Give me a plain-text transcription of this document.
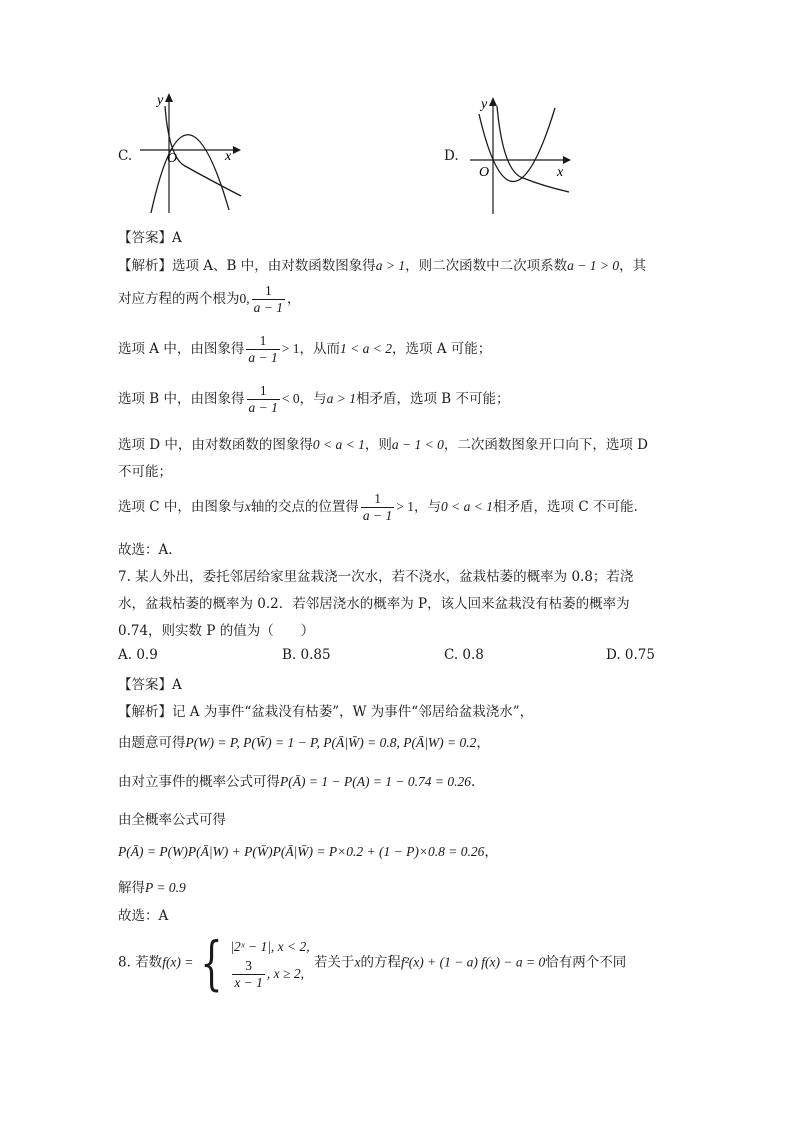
C.	x
y
O	D.
x
y
O
【答案】A
【解析】选项 A、B 中，由对数函数图象得a > 1，则二次函数中二次项系数a − 1 > 0，其
对应方程的两个根为0, $\frac{1}{a - 1}$ ，
选项 A 中，由图象得 $\frac{1}{a - 1} > 1$，从而1 < a < 2，选项 A 可能；
选项 B 中，由图象得 $\frac{1}{a - 1} < 0$，与a > 1相矛盾，选项 B 不可能；
选项 D 中，由对数函数的图象得0 < a < 1，则a − 1 < 0，二次函数图象开口向下，选项 D
不可能；
选项 C 中，由图象与x轴的交点的位置得 $\frac{1}{a - 1} > 1$，与0 < a < 1相矛盾，选项 C 不可能.
故选：A.
7. 某人外出，委托邻居给家里盆栽浇一次水，若不浇水，盆栽枯萎的概率为 0.8；若浇
水，盆栽枯萎的概率为 0.2．若邻居浇水的概率为 P，该人回来盆栽没有枯萎的概率为
0.74，则实数 P 的值为（　　）
A. 0.9	B. 0.85	C. 0.8	D. 0.75
【答案】A
【解析】记 A 为事件“盆栽没有枯萎”，W 为事件“邻居给盆栽浇水”，
由题意可得P(W) = P, P(W̄) = 1 − P, P(Ā|W̄) = 0.8, P(Ā|W) = 0.2，
由对立事件的概率公式可得P(Ā) = 1 − P(A) = 1 − 0.74 = 0.26.
由全概率公式可得
P(Ā) = P(W)P(Ā|W) + P(W̄)P(Ā|W̄) = P×0.2 + (1 − P)×0.8 = 0.26，
解得P = 0.9
故选：A
8. 若数f(x) = { |2ˣ − 1|, x < 2,
$\frac{3}{x - 1}$ , x ≥ 2,
若关于x的方程f²(x) + (1 − a) f(x) − a = 0恰有两个不同
